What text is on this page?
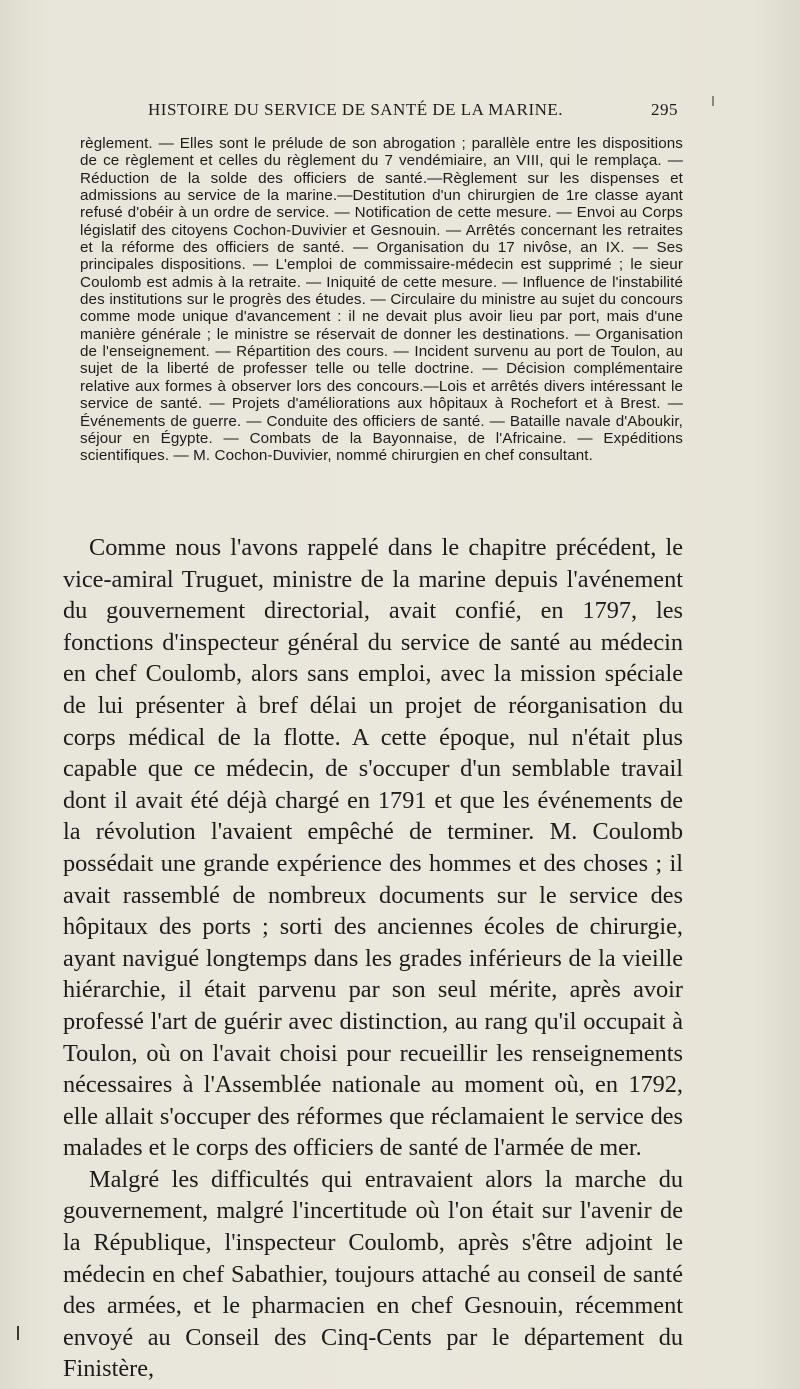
HISTOIRE DU SERVICE DE SANTÉ DE LA MARINE.	295

règlement. — Elles sont le prélude de son abrogation ; parallèle entre les dispositions de ce règlement et celles du règlement du 7 vendémiaire, an VIII, qui le remplaça. — Réduction de la solde des officiers de santé.—Règlement sur les dispenses et admissions au service de la marine.—Destitution d'un chirurgien de 1re classe ayant refusé d'obéir à un ordre de service. — Notification de cette mesure. — Envoi au Corps législatif des citoyens Cochon-Duvivier et Gesnouin. — Arrêtés concernant les retraites et la réforme des officiers de santé. — Organisation du 17 nivôse, an IX. — Ses principales dispositions. — L'emploi de commissaire-médecin est supprimé ; le sieur Coulomb est admis à la retraite. — Iniquité de cette mesure. — Influence de l'instabilité des institutions sur le progrès des études. — Circulaire du ministre au sujet du concours comme mode unique d'avancement : il ne devait plus avoir lieu par port, mais d'une manière générale ; le ministre se réservait de donner les destinations. — Organisation de l'enseignement. — Répartition des cours. — Incident survenu au port de Toulon, au sujet de la liberté de professer telle ou telle doctrine. — Décision complémentaire relative aux formes à observer lors des concours.—Lois et arrêtés divers intéressant le service de santé. — Projets d'améliorations aux hôpitaux à Rochefort et à Brest. — Événements de guerre. — Conduite des officiers de santé. — Bataille navale d'Aboukir, séjour en Égypte. — Combats de la Bayonnaise, de l'Africaine. — Expéditions scientifiques. — M. Cochon-Duvivier, nommé chirurgien en chef consultant.

Comme nous l'avons rappelé dans le chapitre précédent, le vice-amiral Truguet, ministre de la marine depuis l'avénement du gouvernement directorial, avait confié, en 1797, les fonctions d'inspecteur général du service de santé au médecin en chef Coulomb, alors sans emploi, avec la mission spéciale de lui présenter à bref délai un projet de réorganisation du corps médical de la flotte. A cette époque, nul n'était plus capable que ce médecin, de s'occuper d'un semblable travail dont il avait été déjà chargé en 1791 et que les événements de la révolution l'avaient empêché de terminer. M. Coulomb possédait une grande expérience des hommes et des choses ; il avait rassemblé de nombreux documents sur le service des hôpitaux des ports ; sorti des anciennes écoles de chirurgie, ayant navigué longtemps dans les grades inférieurs de la vieille hiérarchie, il était parvenu par son seul mérite, après avoir professé l'art de guérir avec distinction, au rang qu'il occupait à Toulon, où on l'avait choisi pour recueillir les renseignements nécessaires à l'Assemblée nationale au moment où, en 1792, elle allait s'occuper des réformes que réclamaient le service des malades et le corps des officiers de santé de l'armée de mer.

Malgré les difficultés qui entravaient alors la marche du gouvernement, malgré l'incertitude où l'on était sur l'avenir de la République, l'inspecteur Coulomb, après s'être adjoint le médecin en chef Sabathier, toujours attaché au conseil de santé des armées, et le pharmacien en chef Gesnouin, récemment envoyé au Conseil des Cinq-Cents par le département du Finistère,
